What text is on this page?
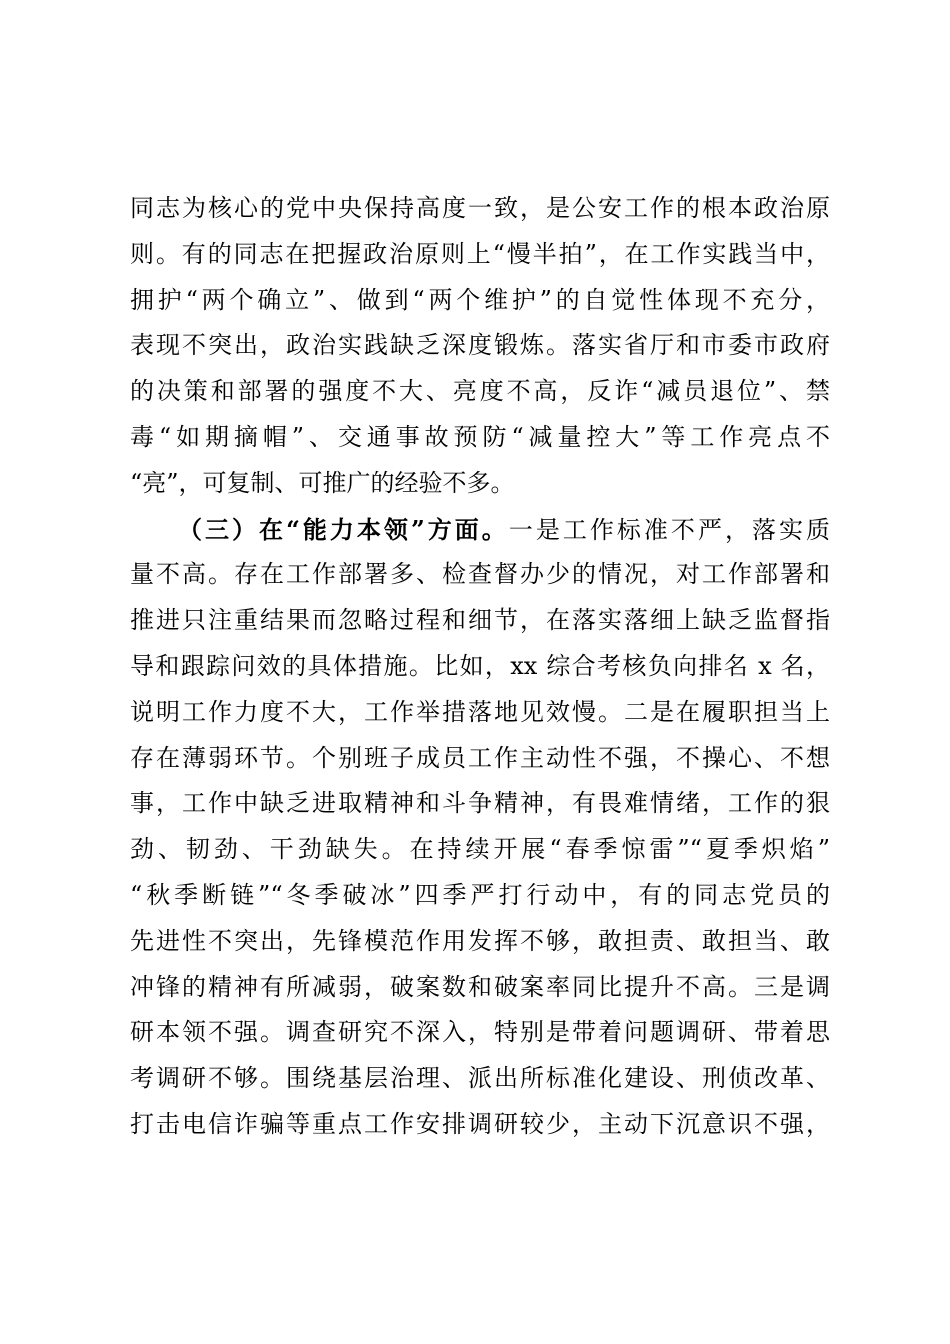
同志为核心的党中央保持高度一致，是公安工作的根本政治原
则。有的同志在把握政治原则上“慢半拍”，在工作实践当中，
拥护“两个确立”、做到“两个维护”的自觉性体现不充分，
表现不突出，政治实践缺乏深度锻炼。落实省厅和市委市政府
的决策和部署的强度不大、亮度不高，反诈“减员退位”、禁
毒“如期摘帽”、交通事故预防“减量控大”等工作亮点不
“亮”，可复制、可推广的经验不多。
（三）在“能力本领”方面。一是工作标准不严，落实质
量不高。存在工作部署多、检查督办少的情况，对工作部署和
推进只注重结果而忽略过程和细节，在落实落细上缺乏监督指
导和跟踪问效的具体措施。比如，xx 综合考核负向排名 x 名，
说明工作力度不大，工作举措落地见效慢。二是在履职担当上
存在薄弱环节。个别班子成员工作主动性不强，不操心、不想
事，工作中缺乏进取精神和斗争精神，有畏难情绪，工作的狠
劲、韧劲、干劲缺失。在持续开展“春季惊雷”“夏季炽焰”
“秋季断链”“冬季破冰”四季严打行动中，有的同志党员的
先进性不突出，先锋模范作用发挥不够，敢担责、敢担当、敢
冲锋的精神有所减弱，破案数和破案率同比提升不高。三是调
研本领不强。调查研究不深入，特别是带着问题调研、带着思
考调研不够。围绕基层治理、派出所标准化建设、刑侦改革、
打击电信诈骗等重点工作安排调研较少，主动下沉意识不强，
